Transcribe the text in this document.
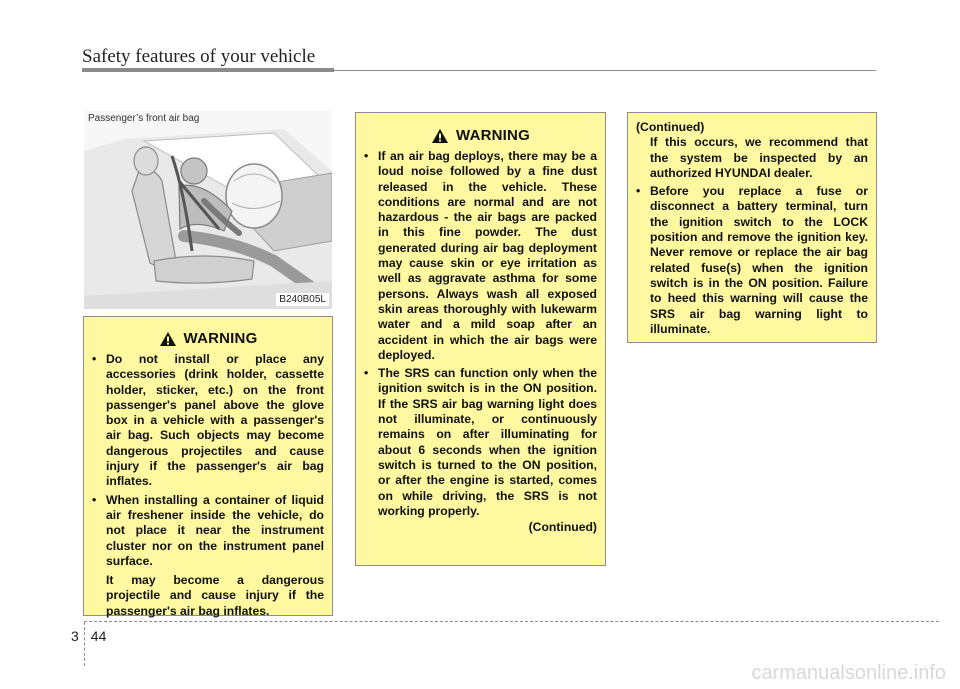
Safety features of your vehicle
Passenger’s front air bag
B240B05L
WARNING
• Do not install or place any accessories (drink holder, cassette holder, sticker, etc.) on the front passenger's panel above the glove box in a vehicle with a passenger's air bag. Such objects may become dangerous projectiles and cause injury if the passenger's air bag inflates.
• When installing a container of liquid air freshener inside the vehicle, do not place it near the instrument cluster nor on the instrument panel surface.
It may become a dangerous projectile and cause injury if the passenger's air bag inflates.
WARNING
• If an air bag deploys, there may be a loud noise followed by a fine dust released in the vehicle. These conditions are normal and are not hazardous - the air bags are packed in this fine powder. The dust generated during air bag deployment may cause skin or eye irritation as well as aggravate asthma for some persons. Always wash all exposed skin areas thoroughly with lukewarm water and a mild soap after an accident in which the air bags were deployed.
• The SRS can function only when the ignition switch is in the ON position. If the SRS air bag warning light does not illuminate, or continuously remains on after illuminating for about 6 seconds when the ignition switch is turned to the ON position, or after the engine is started, comes on while driving, the SRS is not working properly.
(Continued)
(Continued)
If this occurs, we recommend that the system be inspected by an authorized HYUNDAI dealer.
• Before you replace a fuse or disconnect a battery terminal, turn the ignition switch to the LOCK position and remove the ignition key. Never remove or replace the air bag related fuse(s) when the ignition switch is in the ON position. Failure to heed this warning will cause the SRS air bag warning light to illuminate.
3 44
carmanualsonline.info
